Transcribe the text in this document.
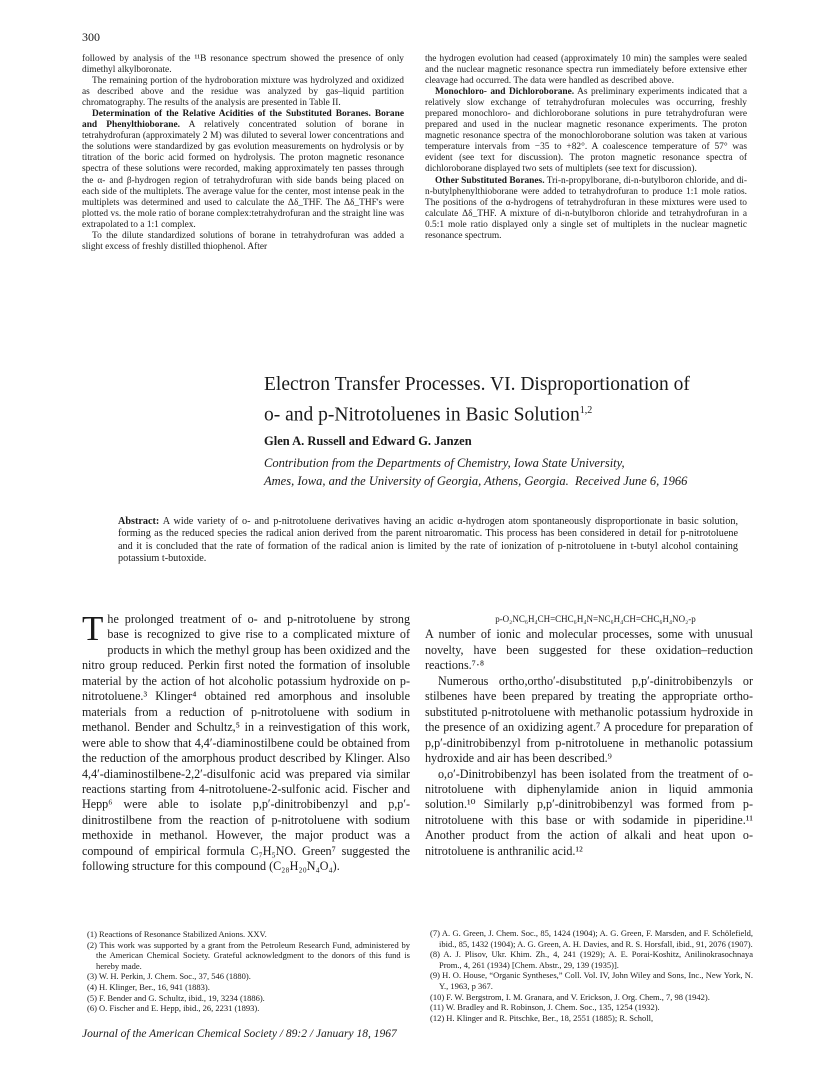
300

followed by analysis of the ¹¹B resonance spectrum showed the presence of only dimethyl alkylboronate.

The remaining portion of the hydroboration mixture was hydrolyzed and oxidized as described above and the residue was analyzed by gas–liquid partition chromatography. The results of the analysis are presented in Table II.

Determination of the Relative Acidities of the Substituted Boranes. Borane and Phenylthioborane. A relatively concentrated solution of borane in tetrahydrofuran (approximately 2 M) was diluted to several lower concentrations and the solutions were standardized by gas evolution measurements on hydrolysis or by titration of the boric acid formed on hydrolysis. The proton magnetic resonance spectra of these solutions were recorded, making approximately ten passes through the α- and β-hydrogen region of tetrahydrofuran with side bands being placed on each side of the multiplets. The average value for the center, most intense peak in the multiplets was determined and used to calculate the Δδ_THF. The Δδ_THF's were plotted vs. the mole ratio of borane complex:tetrahydrofuran and the straight line was extrapolated to a 1:1 complex.

To the dilute standardized solutions of borane in tetrahydrofuran was added a slight excess of freshly distilled thiophenol. After

the hydrogen evolution had ceased (approximately 10 min) the samples were sealed and the nuclear magnetic resonance spectra run immediately before extensive ether cleavage had occurred. The data were handled as described above.

Monochloro- and Dichloroborane. As preliminary experiments indicated that a relatively slow exchange of tetrahydrofuran molecules was occurring, freshly prepared monochloro- and dichloroborane solutions in pure tetrahydrofuran were prepared and used in the nuclear magnetic resonance experiments. The proton magnetic resonance spectra of the monochloroborane solution was taken at various temperature intervals from −35 to +82°. A coalescence temperature of 57° was evident (see text for discussion). The proton magnetic resonance spectra of dichloroborane displayed two sets of multiplets (see text for discussion).

Other Substituted Boranes. Tri-n-propylborane, di-n-butylboron chloride, and di-n-butylphenylthioborane were added to tetrahydrofuran to produce 1:1 mole ratios. The positions of the α-hydrogens of tetrahydrofuran in these mixtures were used to calculate Δδ_THF. A mixture of di-n-butylboron chloride and tetrahydrofuran in a 0.5:1 mole ratio displayed only a single set of multiplets in the nuclear magnetic resonance spectrum.

Electron Transfer Processes. VI. Disproportionation of
o- and p-Nitrotoluenes in Basic Solution$^{1,2}$
Glen A. Russell and Edward G. Janzen
Contribution from the Departments of Chemistry, Iowa State University,
Ames, Iowa, and the University of Georgia, Athens, Georgia. Received June 6, 1966
Abstract: A wide variety of o- and p-nitrotoluene derivatives having an acidic α-hydrogen atom spontaneously disproportionate in basic solution, forming as the reduced species the radical anion derived from the parent nitroaromatic. This process has been considered in detail for p-nitrotoluene and it is concluded that the rate of formation of the radical anion is limited by the rate of ionization of p-nitrotoluene in t-butyl alcohol containing potassium t-butoxide.

The prolonged treatment of o- and p-nitrotoluene by strong base is recognized to give rise to a complicated mixture of products in which the methyl group has been oxidized and the nitro group reduced. Perkin first noted the formation of insoluble material by the action of hot alcoholic potassium hydroxide on p-nitrotoluene.³ Klinger⁴ obtained red amorphous and insoluble materials from a reduction of p-nitrotoluene with sodium in methanol. Bender and Schultz,⁵ in a reinvestigation of this work, were able to show that 4,4′-diaminostilbene could be obtained from the reduction of the amorphous product described by Klinger. Also 4,4′-diaminostilbene-2,2′-disulfonic acid was prepared via similar reactions starting from 4-nitrotoluene-2-sulfonic acid. Fischer and Hepp⁶ were able to isolate p,p′-dinitrobibenzyl and p,p′-dinitrostilbene from the reaction of p-nitrotoluene with sodium methoxide in methanol. However, the major product was a compound of empirical formula C₇H₅NO. Green⁷ suggested the following structure for this compound (C₂₈H₂₀N₄O₄).

p-O₂NC₆H₄CH=CHC₆H₄N=NC₆H₄CH=CHC₆H₄NO₂-p

A number of ionic and molecular processes, some with unusual novelty, have been suggested for these oxidation–reduction reactions.⁷·⁸

Numerous ortho,ortho′-disubstituted p,p′-dinitrobibenzyls or stilbenes have been prepared by treating the appropriate ortho-substituted p-nitrotoluene with methanolic potassium hydroxide in the presence of an oxidizing agent.⁷ A procedure for preparation of p,p′-dinitrobibenzyl from p-nitrotoluene in methanolic potassium hydroxide and air has been described.⁹

o,o′-Dinitrobibenzyl has been isolated from the treatment of o-nitrotoluene with diphenylamide anion in liquid ammonia solution.¹⁰ Similarly p,p′-dinitrobibenzyl was formed from p-nitrotoluene with this base or with sodamide in piperidine.¹¹ Another product from the action of alkali and heat upon o-nitrotoluene is anthranilic acid.¹²

(1) Reactions of Resonance Stabilized Anions. XXV.

(2) This work was supported by a grant from the Petroleum Research Fund, administered by the American Chemical Society. Grateful acknowledgment to the donors of this fund is hereby made.

(3) W. H. Perkin, J. Chem. Soc., 37, 546 (1880).

(4) H. Klinger, Ber., 16, 941 (1883).

(5) F. Bender and G. Schultz, ibid., 19, 3234 (1886).

(6) O. Fischer and E. Hepp, ibid., 26, 2231 (1893).

(7) A. G. Green, J. Chem. Soc., 85, 1424 (1904); A. G. Green, F. Marsden, and F. Schölefield, ibid., 85, 1432 (1904); A. G. Green, A. H. Davies, and R. S. Horsfall, ibid., 91, 2076 (1907).

(8) A. J. Plisov, Ukr. Khim. Zh., 4, 241 (1929); A. E. Porai-Koshitz, Anilinokrasochnaya Prom., 4, 261 (1934) [Chem. Abstr., 29, 139 (1935)].

(9) H. O. House, “Organic Syntheses,” Coll. Vol. IV, John Wiley and Sons, Inc., New York, N. Y., 1963, p 367.

(10) F. W. Bergstrom, I. M. Granara, and V. Erickson, J. Org. Chem., 7, 98 (1942).

(11) W. Bradley and R. Robinson, J. Chem. Soc., 135, 1254 (1932).

(12) H. Klinger and R. Pitschke, Ber., 18, 2551 (1885); R. Scholl,

Journal of the American Chemical Society / 89:2 / January 18, 1967
